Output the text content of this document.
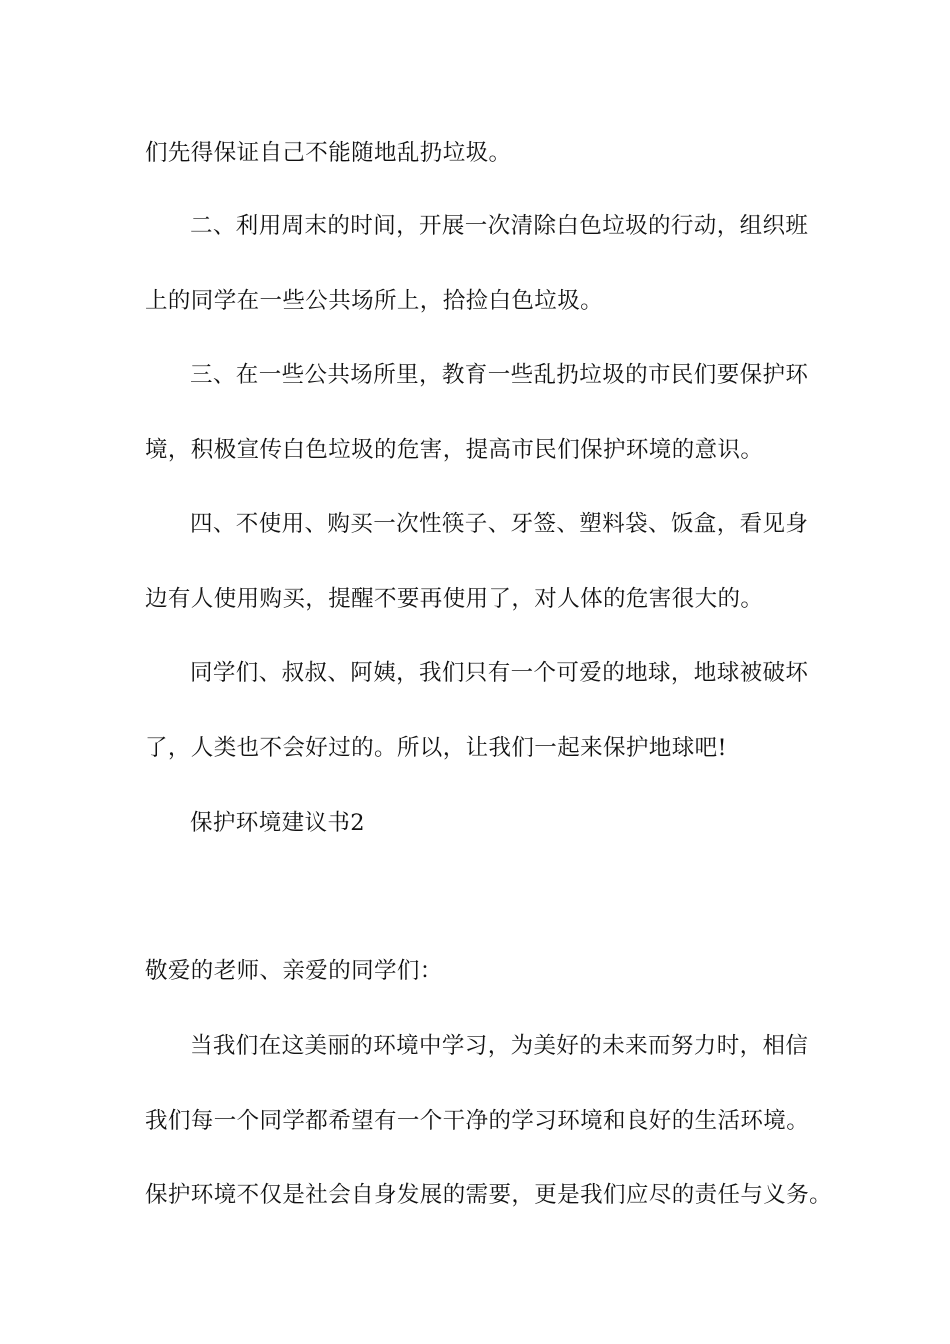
们先得保证自己不能随地乱扔垃圾。
二、利用周末的时间，开展一次清除白色垃圾的行动，组织班
上的同学在一些公共场所上，拾捡白色垃圾。
三、在一些公共场所里，教育一些乱扔垃圾的市民们要保护环
境，积极宣传白色垃圾的危害，提高市民们保护环境的意识。
四、不使用、购买一次性筷子、牙签、塑料袋、饭盒，看见身
边有人使用购买，提醒不要再使用了，对人体的危害很大的。
同学们、叔叔、阿姨，我们只有一个可爱的地球，地球被破坏
了，人类也不会好过的。所以，让我们一起来保护地球吧!
保护环境建议书2
敬爱的老师、亲爱的同学们：
当我们在这美丽的环境中学习，为美好的未来而努力时，相信
我们每一个同学都希望有一个干净的学习环境和良好的生活环境。
保护环境不仅是社会自身发展的需要，更是我们应尽的责任与义务。
